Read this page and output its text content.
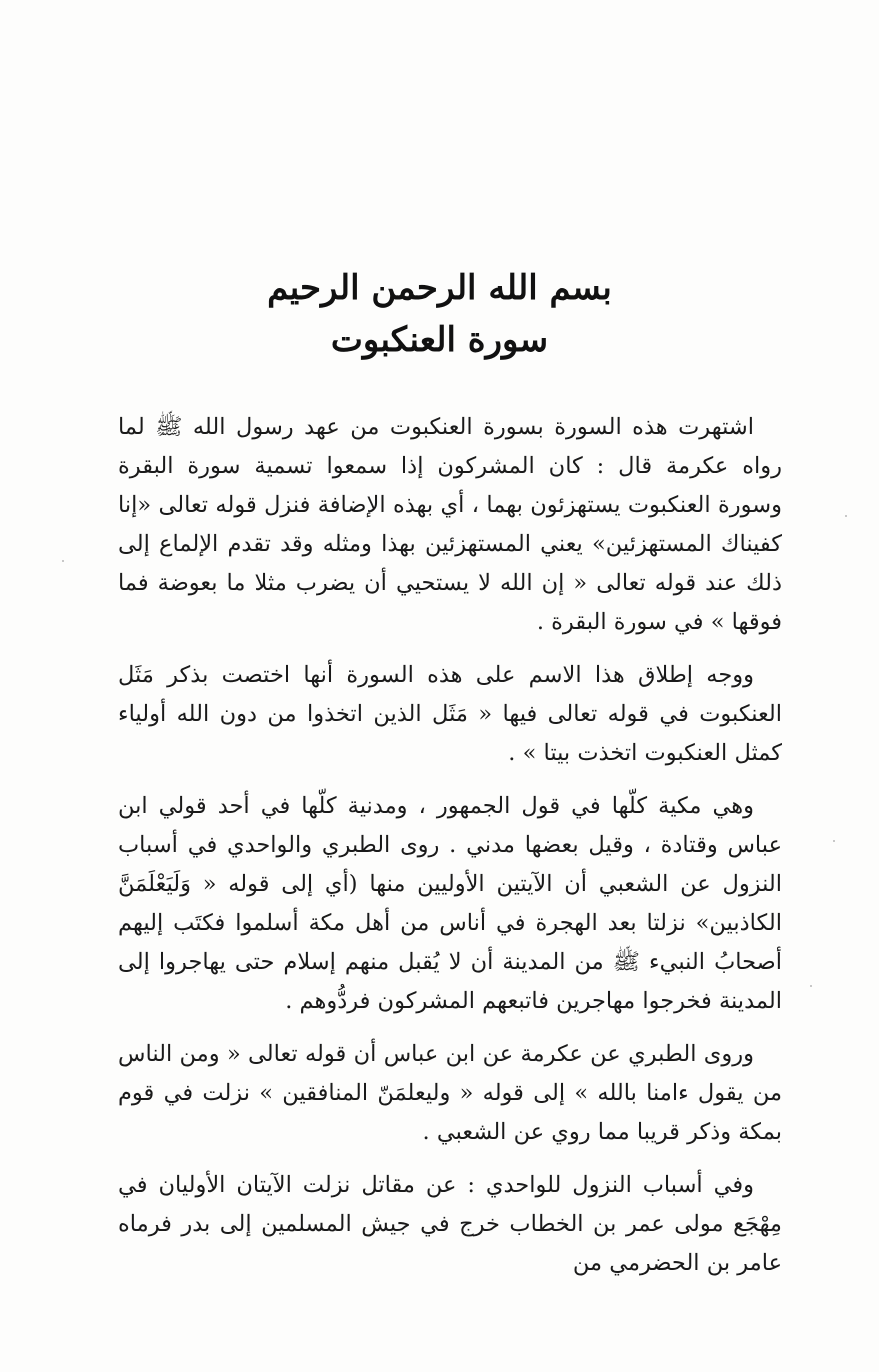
بسم الله الرحمن الرحيم
سورة العنكبوت

اشتهرت هذه السورة بسورة العنكبوت من عهد رسول الله ﷺ لما رواه عكرمة قال : كان المشركون إذا سمعوا تسمية سورة البقرة وسورة العنكبوت يستهزئون بهما ، أي بهذه الإضافة فنزل قوله تعالى «إنا كفيناك المستهزئين» يعني المستهزئين بهذا ومثله وقد تقدم الإلماع إلى ذلك عند قوله تعالى « إن الله لا يستحيي أن يضرب مثلا ما بعوضة فما فوقها » في سورة البقرة .

ووجه إطلاق هذا الاسم على هذه السورة أنها اختصت بذكر مَثَل العنكبوت في قوله تعالى فيها « مَثَل الذين اتخذوا من دون الله أولياء كمثل العنكبوت اتخذت بيتا » .

وهي مكية كلّها في قول الجمهور ، ومدنية كلّها في أحد قولي ابن عباس وقتادة ، وقيل بعضها مدني . روى الطبري والواحدي في أسباب النزول عن الشعبي أن الآيتين الأوليين منها (أي إلى قوله « وَلَيَعْلَمَنَّ الكاذبين» نزلتا بعد الهجرة في أناس من أهل مكة أسلموا فكتَب إليهم أصحابُ النبيء ﷺ من المدينة أن لا يُقبل منهم إسلام حتى يهاجروا إلى المدينة فخرجوا مهاجرين فاتبعهم المشركون فردُّوهم .

وروى الطبري عن عكرمة عن ابن عباس أن قوله تعالى « ومن الناس من يقول ءامنا بالله » إلى قوله « وليعلمَنّ المنافقين » نزلت في قوم بمكة وذكر قريبا مما روي عن الشعبي .

وفي أسباب النزول للواحدي : عن مقاتل نزلت الآيتان الأوليان في مِهْجَع مولى عمر بن الخطاب خرج في جيش المسلمين إلى بدر فرماه عامر بن الحضرمي من
